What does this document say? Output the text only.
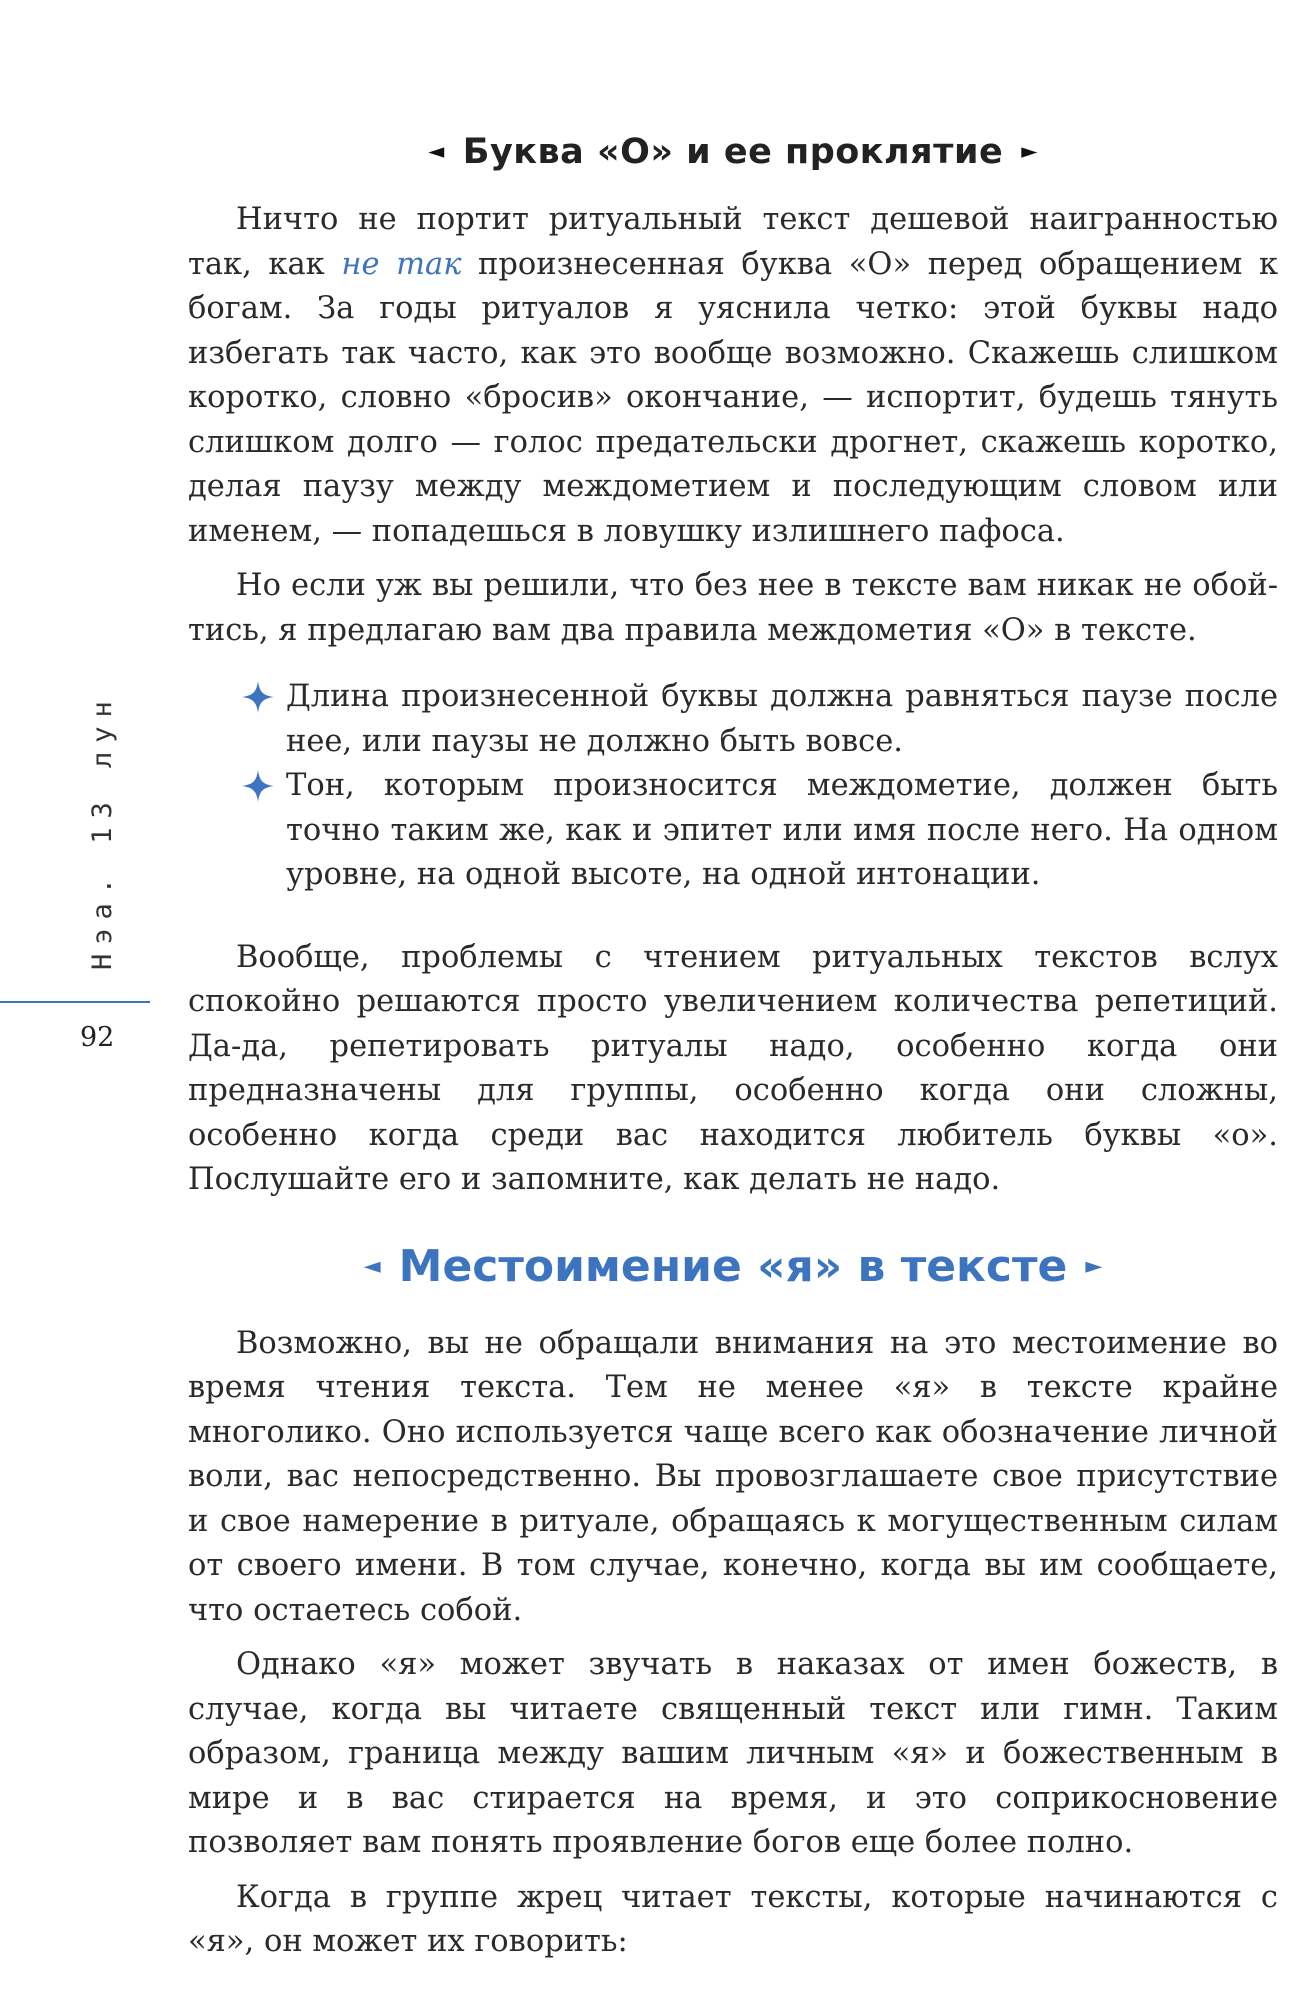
Нэа. 13 лун
92
◄ Буква «О» и ее проклятие ►

Ничто не портит ритуальный текст дешевой наигранностью так, как не так произнесенная буква «О» перед обращением к богам. За годы ритуалов я уяснила четко: этой буквы надо избегать так часто, как это вообще возможно. Скажешь слишком коротко, словно «бросив» окончание, — испортит, будешь тянуть слишком долго — голос предательски дрогнет, скажешь коротко, делая паузу между междометием и последующим словом или именем, — попадешься в ловушку излишнего пафоса.

Но если уж вы решили, что без нее в тексте вам никак не обойтись, я предлагаю вам два правила междометия «О» в тексте.

Длина произнесенной буквы должна равняться паузе после нее, или паузы не должно быть вовсе.
Тон, которым произносится междометие, должен быть точно таким же, как и эпитет или имя после него. На одном уровне, на одной высоте, на одной интонации.

Вообще, проблемы с чтением ритуальных текстов вслух спокойно решаются просто увеличением количества репетиций. Да-да, репетировать ритуалы надо, особенно когда они предназначены для группы, особенно когда они сложны, особенно когда среди вас находится любитель буквы «о». Послушайте его и запомните, как делать не надо.

◄ Местоимение «я» в тексте ►

Возможно, вы не обращали внимания на это местоимение во время чтения текста. Тем не менее «я» в тексте крайне многолико. Оно используется чаще всего как обозначение личной воли, вас непосредственно. Вы провозглашаете свое присутствие и свое намерение в ритуале, обращаясь к могущественным силам от своего имени. В том случае, конечно, когда вы им сообщаете, что остаетесь собой.

Однако «я» может звучать в наказах от имен божеств, в случае, когда вы читаете священный текст или гимн. Таким образом, граница между вашим личным «я» и божественным в мире и в вас стирается на время, и это соприкосновение позволяет вам понять проявление богов еще более полно.

Когда в группе жрец читает тексты, которые начинаются с «я», он может их говорить:
